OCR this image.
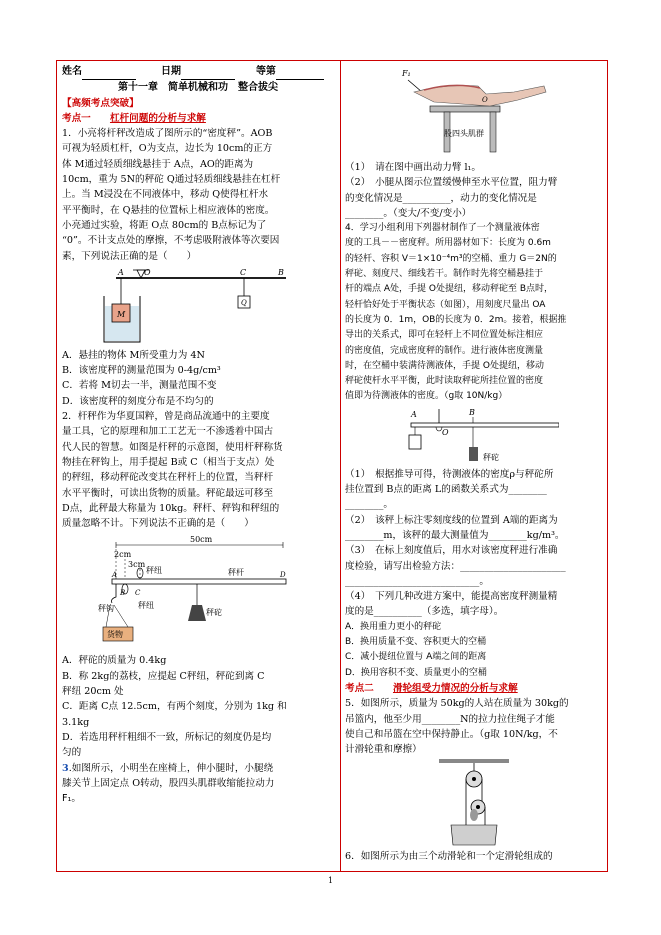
姓名	日期	等第

第十一章　简单机械和功　整合拔尖

【高频考点突破】

考点一　　 杠杆问题的分析与求解

1．小亮将杆秤改造成了图所示的“密度秤”。AOB

可视为轻质杠杆，O为支点，边长为 10cm的正方

体 M通过轻质细线悬挂于 A点，AO的距离为

10cm，重为 5N的秤砣 Q通过轻质细线悬挂在杠杆

上。当 M浸没在不同液体中，移动 Q使得杠杆水

平平衡时，在 Q悬挂的位置标上相应液体的密度。

小亮通过实验，将距 O点 80cm的 B点标记为了

“0”。不计支点处的摩擦，不考虑吸附液体等次要因

素，下列说法正确的是（　　）

A	O	C	B
M
Q

A．悬挂的物体 M所受重力为 4N

B．该密度秤的测量范围为 0-4g/cm³

C．若将 M切去一半，测量范围不变

D．该密度秤的刻度分布是不均匀的

2．杆秤作为华夏国粹，曾是商品流通中的主要度

量工具，它的原理和加工工艺无一不渗透着中国古

代人民的智慧。如图是杆秤的示意图，使用杆秤称货

物挂在秤钩上，用手提起 B或 C（相当于支点）处

的秤纽，移动秤砣改变其在秤杆上的位置，当秤杆

水平平衡时，可读出货物的质量。秤砣最远可移至

D点，此秤最大称量为 10kg。秤杆、秤钩和秤纽的

质量忽略不计。下列说法不正确的是（　　）

50cm
2cm
3cm
A
B C
D
秤纽
秤纽
秤杆
秤钩
货物
秤砣

A．秤砣的质量为 0.4kg

B．称 2kg的荔枝，应提起 C秤纽，秤砣到离 C

秤纽 20cm 处

C．距离 C点 12.5cm，有两个刻度，分别为 1kg 和

3.1kg

D．若选用秤杆粗细不一致，所标记的刻度仍是均

匀的

3.如图所示，小明坐在座椅上，伸小腿时，小腿绕

膝关节上固定点 O转动，股四头肌群收缩能拉动力

F₁。

F₁
O
股四头肌群

（1）　请在图中画出动力臂 l₁。

（2）　小腿从图示位置缓慢伸至水平位置，阻力臂

的变化情况是__________，动力的变化情况是

________。（变大/不变/变小）

4．学习小组利用下列器材制作了一个测量液体密

度的工具－－密度秤。所用器材如下：长度为 0.6m

的轻杆、容积 V＝1×10⁻⁴m³的空桶、重力 G＝2N的

秤砣、刻度尺、细线若干。制作时先将空桶悬挂于

杆的端点 A处，手提 O处提纽，移动秤砣至 B点时，

轻杆恰好处于平衡状态（如图），用刻度尺量出 OA

的长度为 0．1m，OB的长度为 0．2m。接着，根据推

导出的关系式，即可在轻杆上不同位置处标注相应

的密度值，完成密度秤的制作。进行液体密度测量

时，在空桶中装满待测液体，手提 O处提纽，移动

秤砣使杆水平平衡，此时读取秤砣所挂位置的密度

值即为待测液体的密度。（g取 10N/kg）

A	B
O
秤砣

（1）　根据推导可得，待测液体的密度ρ与秤砣所

挂位置到 B点的距离 L的函数关系式为________

________。

（2）　该秤上标注零刻度线的位置到 A端的距离为

________m，该秤的最大测量值为________kg/m³。

（3）　在标上刻度值后，用水对该密度秤进行准确

度检验，请写出检验方法：______________________

____________________________。

（4）　下列几种改进方案中，能提高密度秤测量精

度的是__________（多选，填字母）。

A．换用重力更小的秤砣

B．换用质量不变、容积更大的空桶

C．减小提纽位置与 A端之间的距离

D．换用容积不变、质量更小的空桶

考点二　　 滑轮组受力情况的分析与求解

5．如图所示，质量为 50kg的人站在质量为 30kg的

吊篮内，他至少用________N的拉力拉住绳子才能

使自己和吊篮在空中保持静止。（g取 10N/kg，不

计滑轮重和摩擦）

6．如图所示为由三个动滑轮和一个定滑轮组成的

1
